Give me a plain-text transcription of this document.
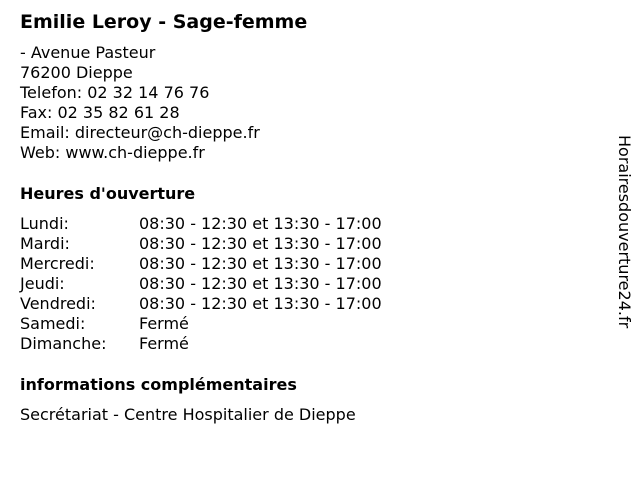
Emilie Leroy - Sage-femme
- Avenue Pasteur
76200 Dieppe
Telefon: 02 32 14 76 76
Fax: 02 35 82 61 28
Email: directeur@ch-dieppe.fr
Web: www.ch-dieppe.fr
Heures d'ouverture
Lundi:	08:30 - 12:30 et 13:30 - 17:00
Mardi:	08:30 - 12:30 et 13:30 - 17:00
Mercredi:	08:30 - 12:30 et 13:30 - 17:00
Jeudi:	08:30 - 12:30 et 13:30 - 17:00
Vendredi:	08:30 - 12:30 et 13:30 - 17:00
Samedi:	Fermé
Dimanche:	Fermé
informations complémentaires
Secrétariat - Centre Hospitalier de Dieppe
Horairesdouverture24.fr
